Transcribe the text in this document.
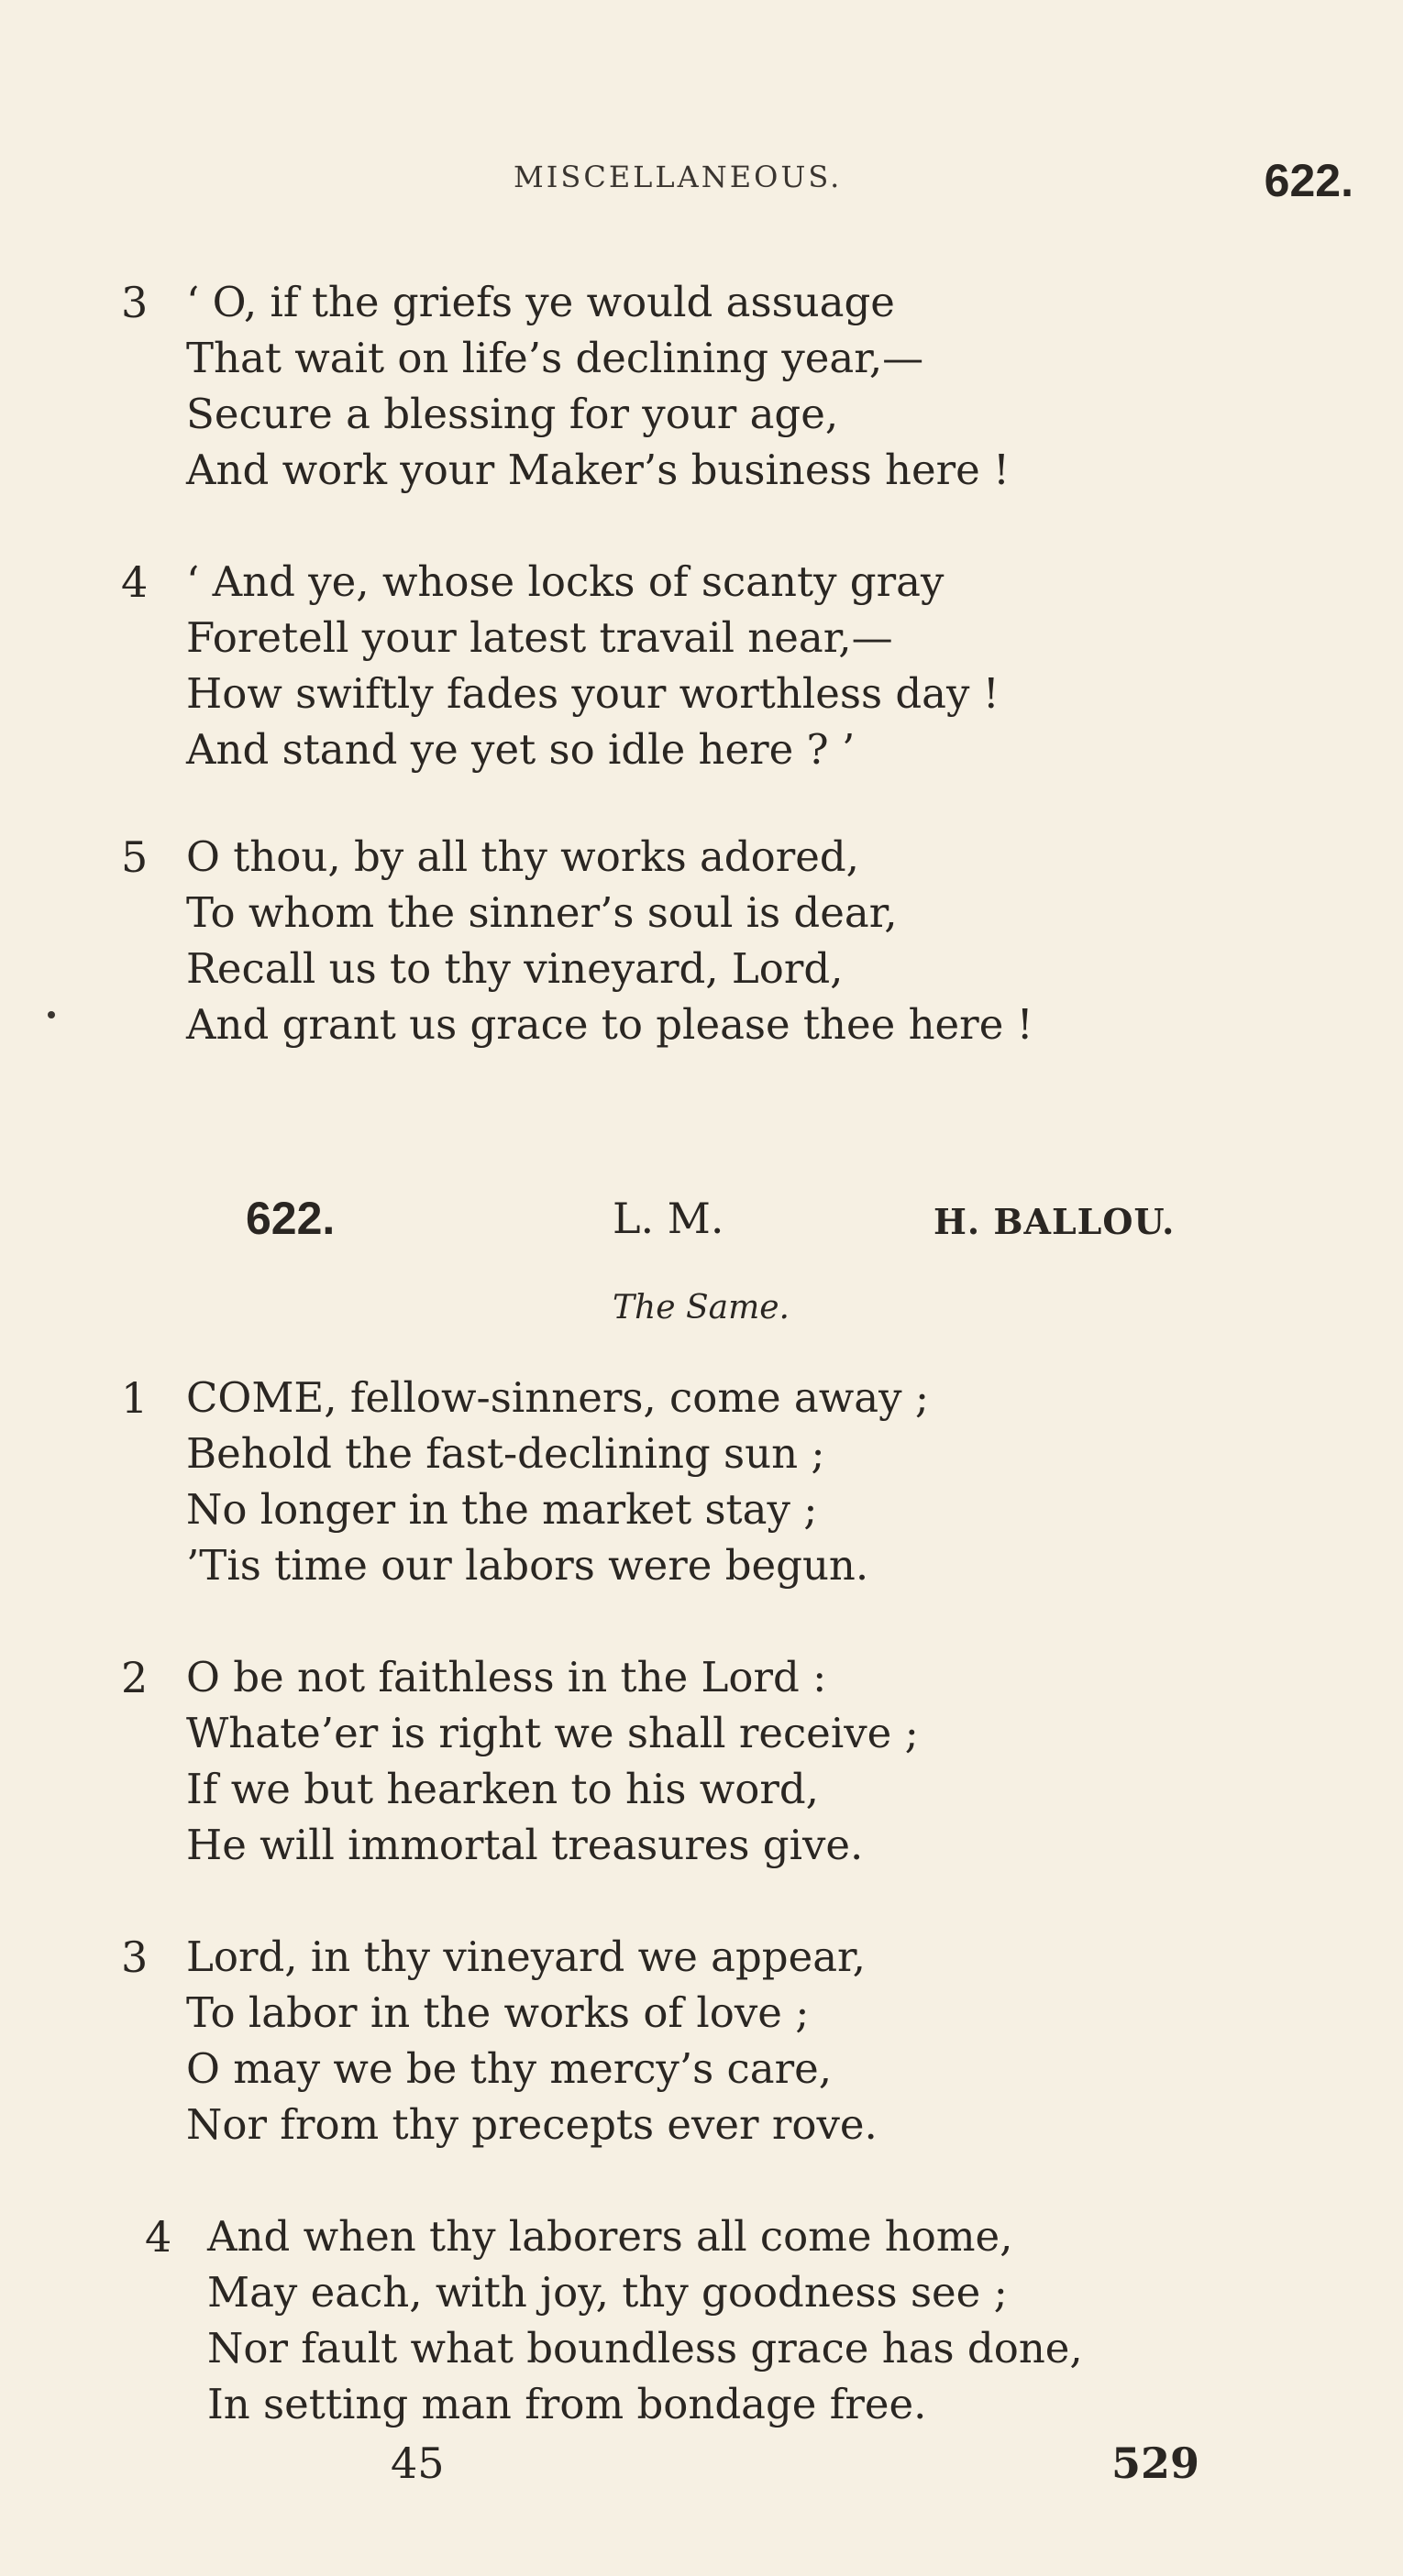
MISCELLANEOUS.	622.
3 ‘ O, if the griefs ye would assuage
That wait on life’s declining year,—
Secure a blessing for your age,
And work your Maker’s business here !
4 ‘ And ye, whose locks of scanty gray
Foretell your latest travail near,—
How swiftly fades your worthless day !
And stand ye yet so idle here ? ’
5 O thou, by all thy works adored,
To whom the sinner’s soul is dear,
Recall us to thy vineyard, Lord,
And grant us grace to please thee here !
622.	L. M.	H. BALLOU.
The Same.
1 COME, fellow-sinners, come away ;
Behold the fast-declining sun ;
No longer in the market stay ;
’Tis time our labors were begun.
2 O be not faithless in the Lord :
Whate’er is right we shall receive ;
If we but hearken to his word,
He will immortal treasures give.
3 Lord, in thy vineyard we appear,
To labor in the works of love ;
O may we be thy mercy’s care,
Nor from thy precepts ever rove.
4 And when thy laborers all come home,
May each, with joy, thy goodness see ;
Nor fault what boundless grace has done,
In setting man from bondage free.
45	529
